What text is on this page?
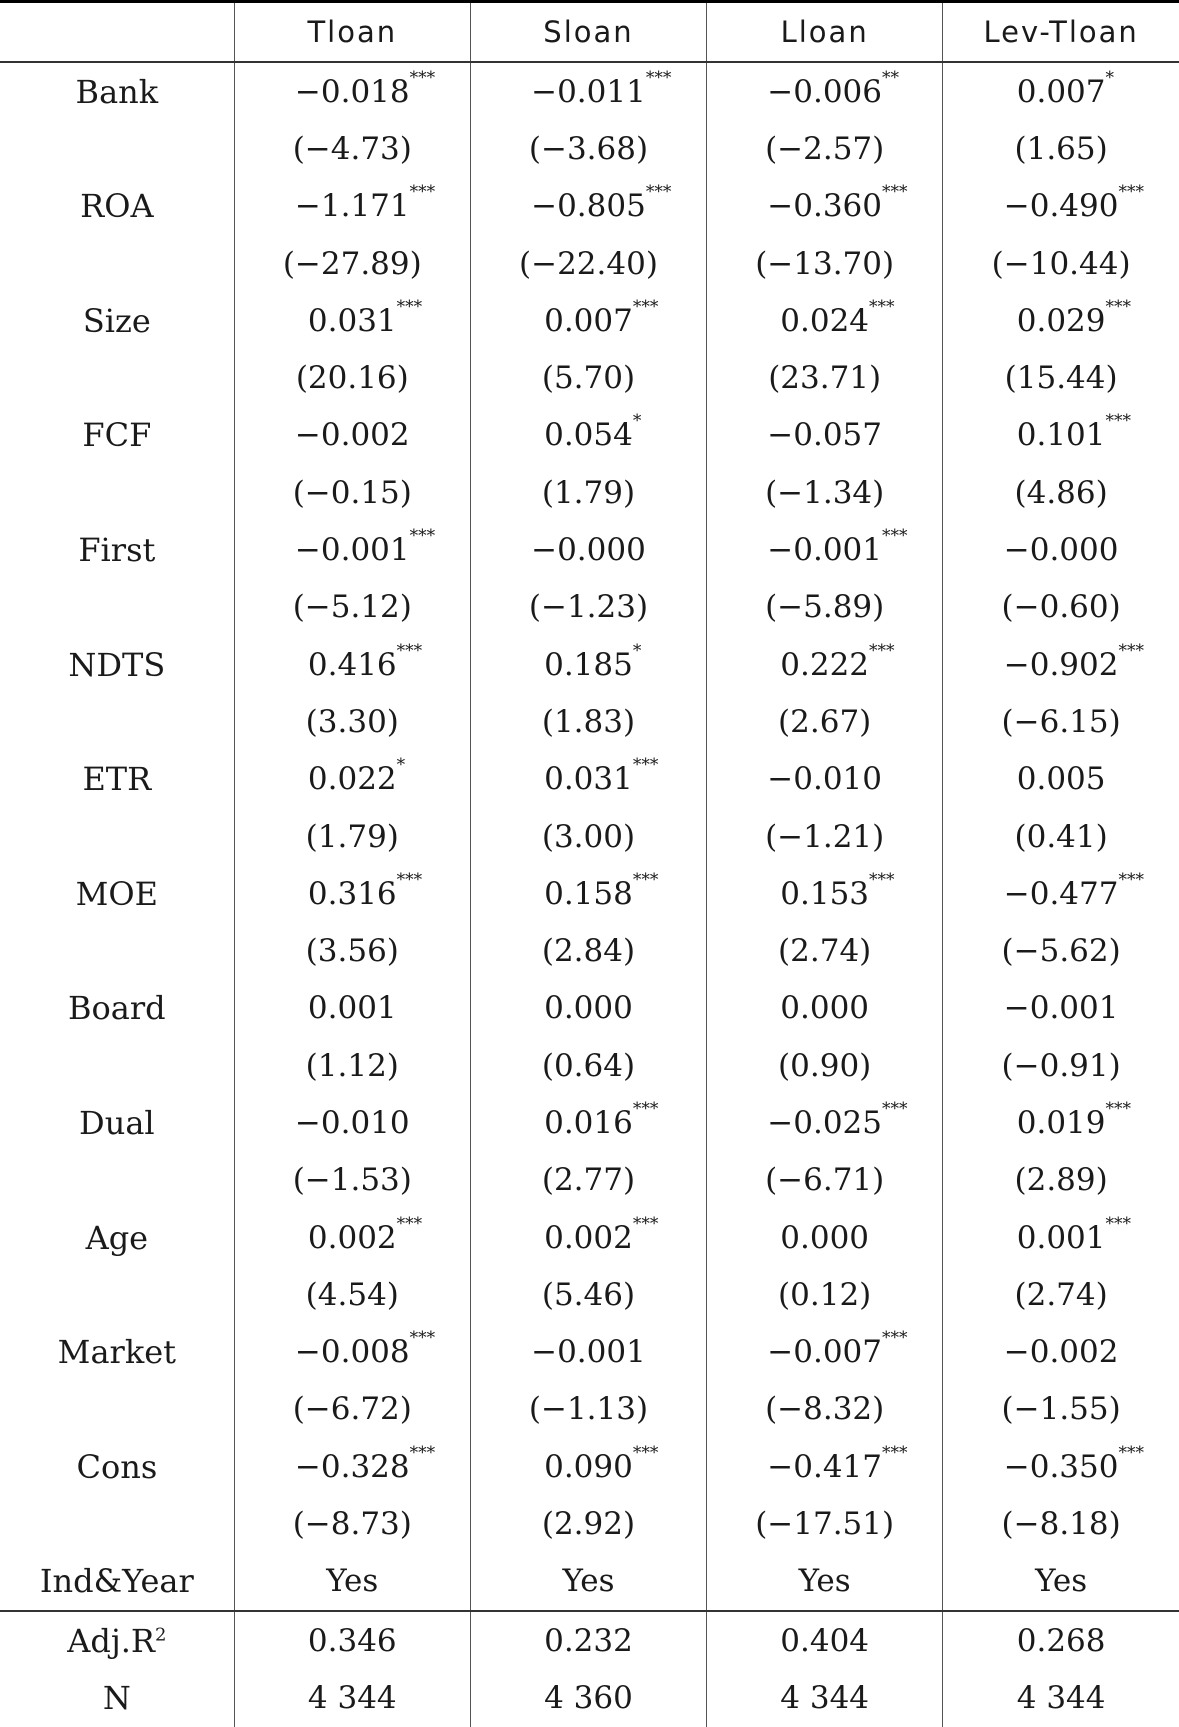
	Tloan	Sloan	Lloan	Lev-Tloan
Bank	−0.018 ***	−0.011 ***	−0.006 **	0.007 *

	(−4.73)	(−3.68)	(−2.57)	(1.65)
ROA	−1.171 ***	−0.805 ***	−0.360 ***	−0.490 ***

	(−27.89)	(−22.40)	(−13.70)	(−10.44)
Size	0.031 ***	0.007 ***	0.024 ***	0.029 ***

	(20.16)	(5.70)	(23.71)	(15.44)
FCF	−0.002	0.054 *	−0.057	0.101 ***

	(−0.15)	(1.79)	(−1.34)	(4.86)
First	−0.001 ***	−0.000	−0.001 ***	−0.000
	(−5.12)	(−1.23)	(−5.89)	(−0.60)
NDTS	0.416 ***	0.185 *	0.222 ***	−0.902 ***

	(3.30)	(1.83)	(2.67)	(−6.15)
ETR	0.022 *	0.031 ***	−0.010	0.005
	(1.79)	(3.00)	(−1.21)	(0.41)
MOE	0.316 ***	0.158 ***	0.153 ***	−0.477 ***

	(3.56)	(2.84)	(2.74)	(−5.62)
Board	0.001	0.000	0.000	−0.001
	(1.12)	(0.64)	(0.90)	(−0.91)
Dual	−0.010	0.016 ***	−0.025 ***	0.019 ***

	(−1.53)	(2.77)	(−6.71)	(2.89)
Age	0.002 ***	0.002 ***	0.000	0.001 ***

	(4.54)	(5.46)	(0.12)	(2.74)
Market	−0.008 ***	−0.001	−0.007 ***	−0.002
	(−6.72)	(−1.13)	(−8.32)	(−1.55)
Cons	−0.328 ***	0.090 ***	−0.417 ***	−0.350 ***

	(−8.73)	(2.92)	(−17.51)	(−8.18)
Ind&Year	Yes	Yes	Yes	Yes
$Adj.R^2$	0.346	0.232	0.404	0.268
N	4 344	4 360	4 344	4 344
